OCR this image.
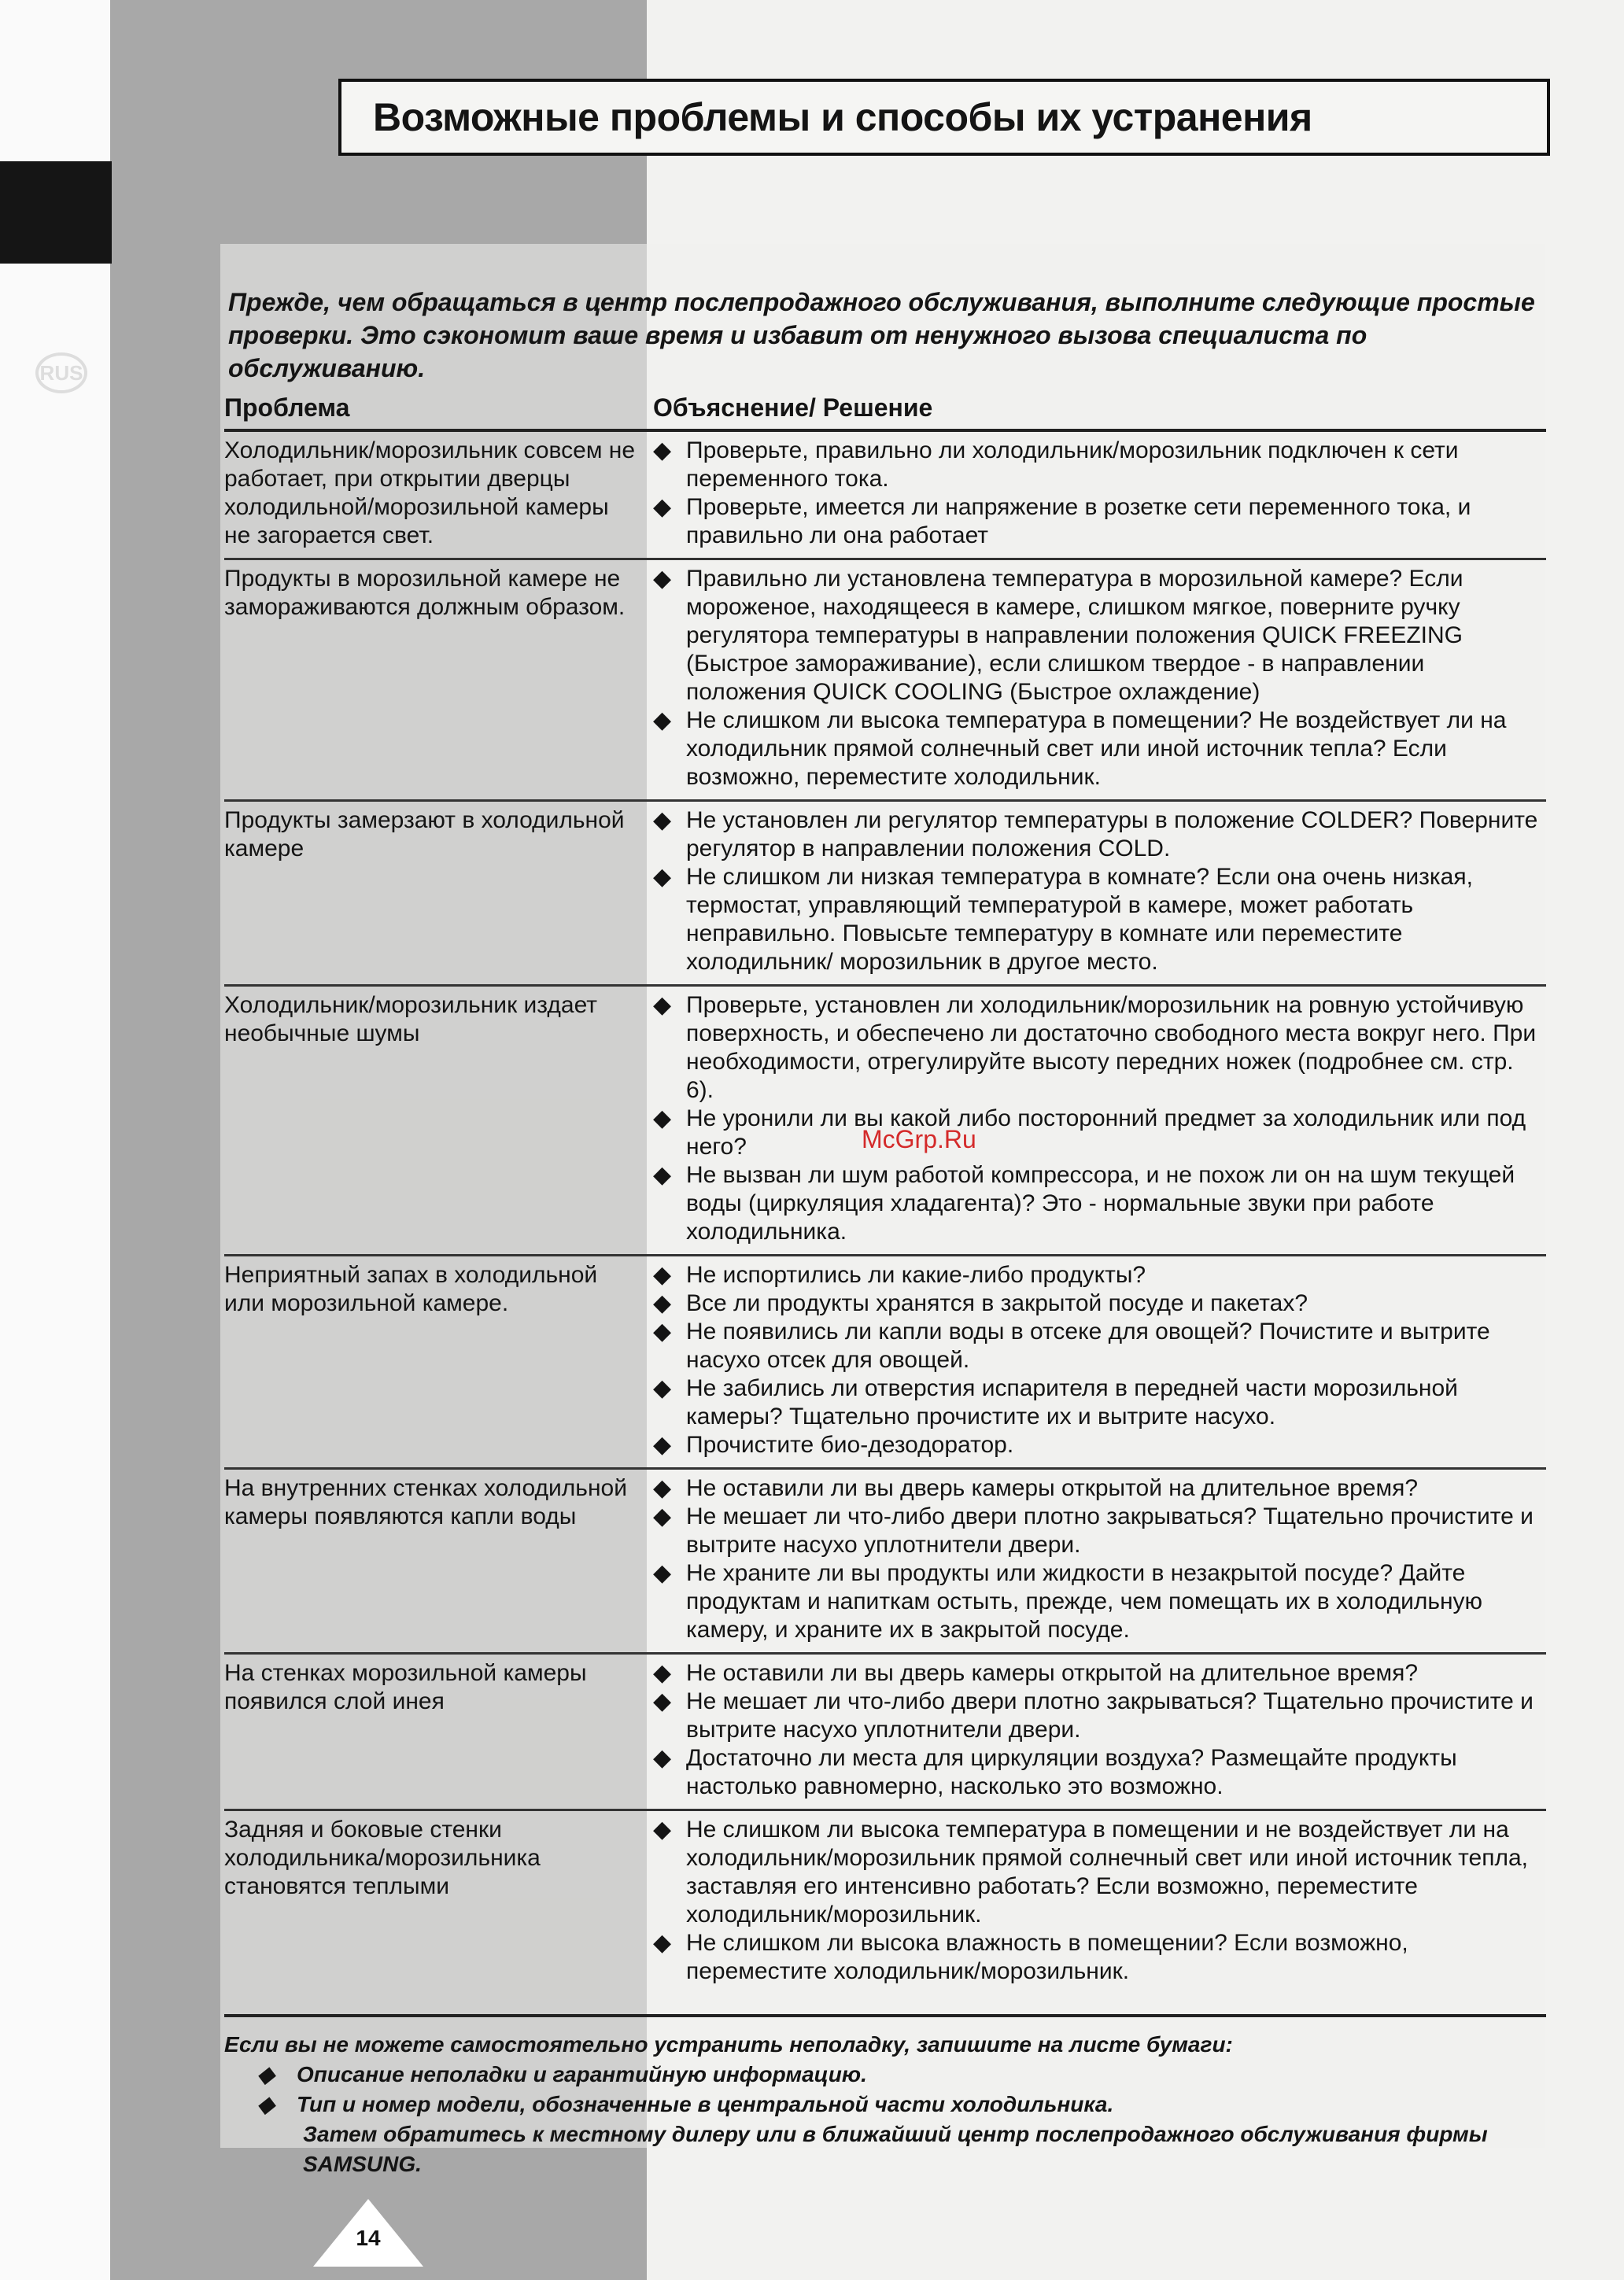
RUS
Возможные проблемы и способы их устранения
Прежде, чем обращаться в центр послепродажного обслуживания, выполните следующие простые проверки. Это сэкономит ваше время и избавит от ненужного вызова специалиста по обслуживанию.
Проблема	Объяснение/ Решение
Холодильник/морозильник совсем не работает, при открытии дверцы холодильной/морозильной камеры не загорается свет.
◆ Проверьте, правильно ли холодильник/морозильник подключен к сети переменного тока.
◆ Проверьте, имеется ли напряжение в розетке сети переменного тока, и правильно ли она работает
Продукты в морозильной камере не замораживаются должным образом.
◆ Правильно ли установлена температура в морозильной камере? Если мороженое, находящееся в камере, слишком мягкое, поверните ручку регулятора температуры в направлении положения QUICK FREEZING (Быстрое замораживание), если слишком твердое - в направлении положения QUICK COOLING (Быстрое охлаждение)
◆ Не слишком ли высока температура в помещении? Не воздействует ли на холодильник прямой солнечный свет или иной источник тепла? Если возможно, переместите холодильник.
Продукты замерзают в холодильной камере
◆ Не установлен ли регулятор температуры в положение COLDER? Поверните регулятор в направлении положения COLD.
◆ Не слишком ли низкая температура в комнате? Если она очень низкая, термостат, управляющий температурой в камере, может работать неправильно. Повысьте температуру в комнате или переместите холодильник/ морозильник в другое место.
Холодильник/морозильник издает необычные шумы
◆ Проверьте, установлен ли холодильник/морозильник на ровную устойчивую поверхность, и обеспечено ли достаточно свободного места вокруг него. При необходимости, отрегулируйте высоту передних ножек (подробнее см. стр. 6).
◆ Не уронили ли вы какой либо посторонний предмет за холодильник или под него?
◆ Не вызван ли шум работой компрессора, и не похож ли он на шум текущей воды (циркуляция хладагента)? Это - нормальные звуки при работе холодильника.
Неприятный запах в холодильной или морозильной камере.
◆ Не испортились ли какие-либо продукты?
◆ Все ли продукты хранятся в закрытой посуде и пакетах?
◆ Не появились ли капли воды в отсеке для овощей? Почистите и вытрите насухо отсек для овощей.
◆ Не забились ли отверстия испарителя в передней части морозильной камеры? Тщательно прочистите их и вытрите насухо.
◆ Прочистите био-дезодоратор.
На внутренних стенках холодильной камеры появляются капли воды
◆ Не оставили ли вы дверь камеры открытой на длительное время?
◆ Не мешает ли что-либо двери плотно закрываться? Тщательно прочистите и вытрите насухо уплотнители двери.
◆ Не храните ли вы продукты или жидкости в незакрытой посуде? Дайте продуктам и напиткам остыть, прежде, чем помещать их в холодильную камеру, и храните их в закрытой посуде.
На стенках морозильной камеры появился слой инея
◆ Не оставили ли вы дверь камеры открытой на длительное время?
◆ Не мешает ли что-либо двери плотно закрываться? Тщательно прочистите и вытрите насухо уплотнители двери.
◆ Достаточно ли места для циркуляции воздуха? Размещайте продукты настолько равномерно, насколько это возможно.
Задняя и боковые стенки холодильника/морозильника становятся теплыми
◆ Не слишком ли высока температура в помещении и не воздействует ли на холодильник/морозильник прямой солнечный свет или иной источник тепла, заставляя его интенсивно работать? Если возможно, переместите холодильник/морозильник.
◆ Не слишком ли высока влажность в помещении? Если возможно, переместите холодильник/морозильник.
Если вы не можете самостоятельно устранить неполадку, запишите на листе бумаги:
◆	Описание неполадки и гарантийную информацию.
◆	Тип и номер модели, обозначенные в центральной части холодильника.
Затем обратитесь к местному дилеру или в ближайший центр послепродажного обслуживания фирмы SAMSUNG.
14
McGrp.Ru
